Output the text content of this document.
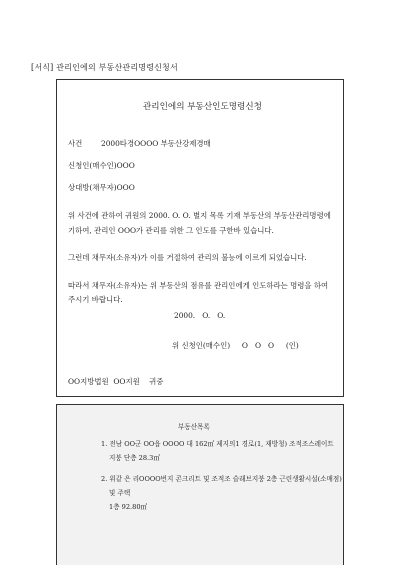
[서식] 관리인에의 부동산관리명령신청서
관리인에의 부동산인도명령신청
사건	2000타경OOOO 부동산강제경매
신청인(매수인)OOO
상대방(채무자)OOO
위 사건에 관하여 귀원의 2000. O. O. 별지 목록 기재 부동산의 부동산관리명령에
기하여, 관리인 OOO가 관리를 위한 그 인도를 구한바 있습니다.
그런데 채무자(소유자)가 이를 거절하여 관리의 불능에 이르게 되었습니다.
따라서 채무자(소유자)는 위 부동산의 점유를 관리인에게 인도하라는 명령을 하여
주시기 바랍니다.
2000.   O.   O.
위 신청인(매수인)     O   O   O     (인)
OO지방법원  OO지원    귀중
부동산목록
1. 전남 OO군 OO읍 OOOO 대 162㎡ 제지의1 경로(1, 재방청) 조적조스레이트
지붕 단층 28.3㎡
2. 위같 은 리OOOO번지 콘크리트 및 조적조 슬래브지붕 2층 근린생활시설(소매점)
및 주택
1층 92.80㎡
